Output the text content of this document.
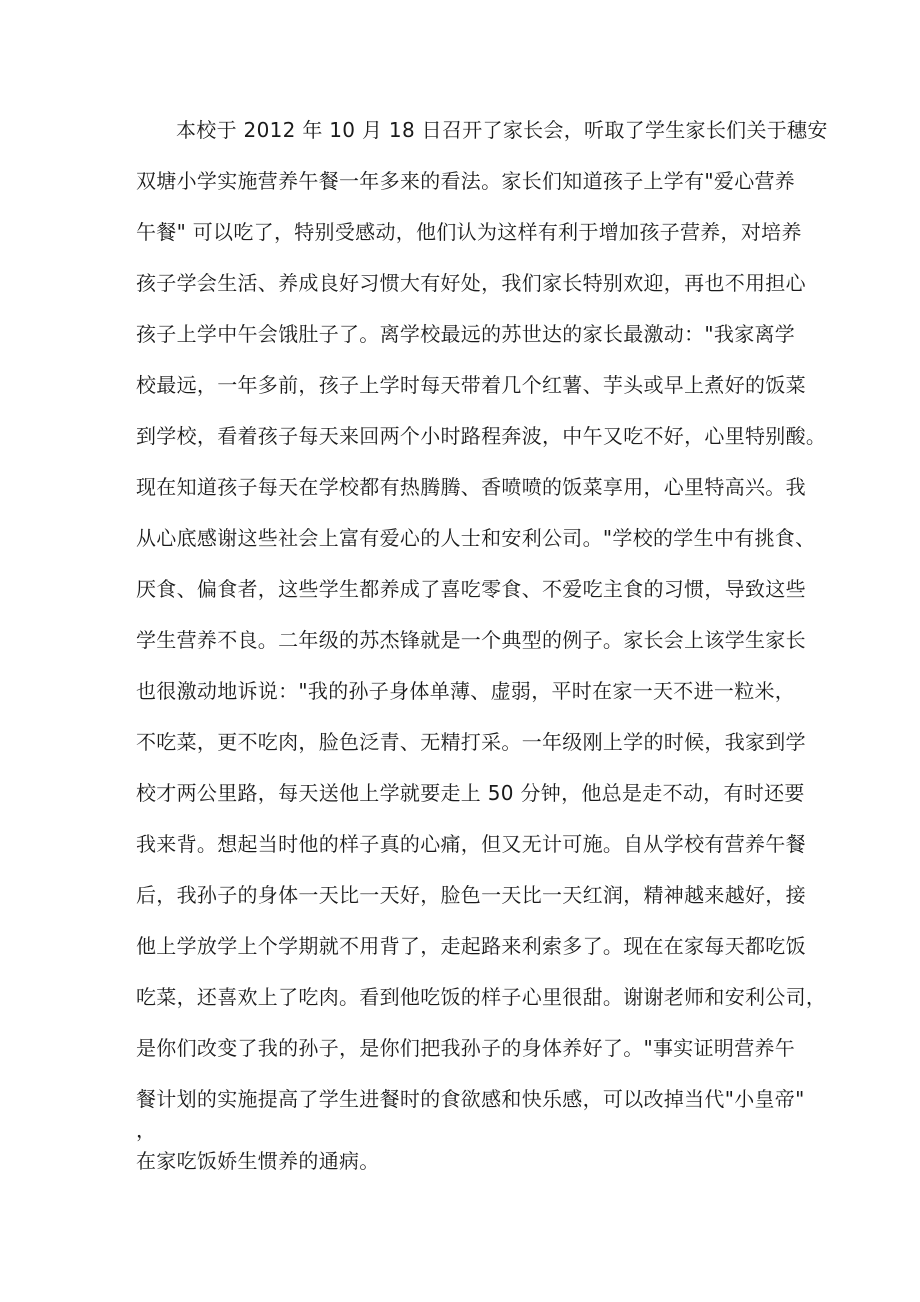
本校于 2012 年 10 月 18 日召开了家长会，听取了学生家长们关于穗安
双塘小学实施营养午餐一年多来的看法。家长们知道孩子上学有"爱心营养
午餐" 可以吃了，特别受感动，他们认为这样有利于增加孩子营养，对培养
孩子学会生活、养成良好习惯大有好处，我们家长特别欢迎，再也不用担心
孩子上学中午会饿肚子了。离学校最远的苏世达的家长最激动："我家离学
校最远，一年多前，孩子上学时每天带着几个红薯、芋头或早上煮好的饭菜
到学校，看着孩子每天来回两个小时路程奔波，中午又吃不好，心里特别酸。
现在知道孩子每天在学校都有热腾腾、香喷喷的饭菜享用，心里特高兴。我
从心底感谢这些社会上富有爱心的人士和安利公司。"学校的学生中有挑食、
厌食、偏食者，这些学生都养成了喜吃零食、不爱吃主食的习惯，导致这些
学生营养不良。二年级的苏杰锋就是一个典型的例子。家长会上该学生家长
也很激动地诉说："我的孙子身体单薄、虚弱，平时在家一天不进一粒米，
不吃菜，更不吃肉，脸色泛青、无精打采。一年级刚上学的时候，我家到学
校才两公里路，每天送他上学就要走上 50 分钟，他总是走不动，有时还要
我来背。想起当时他的样子真的心痛，但又无计可施。自从学校有营养午餐
后，我孙子的身体一天比一天好，脸色一天比一天红润，精神越来越好，接
他上学放学上个学期就不用背了，走起路来利索多了。现在在家每天都吃饭
吃菜，还喜欢上了吃肉。看到他吃饭的样子心里很甜。谢谢老师和安利公司，
是你们改变了我的孙子，是你们把我孙子的身体养好了。"事实证明营养午
餐计划的实施提高了学生进餐时的食欲感和快乐感，可以改掉当代"小皇帝"
，
在家吃饭娇生惯养的通病。
